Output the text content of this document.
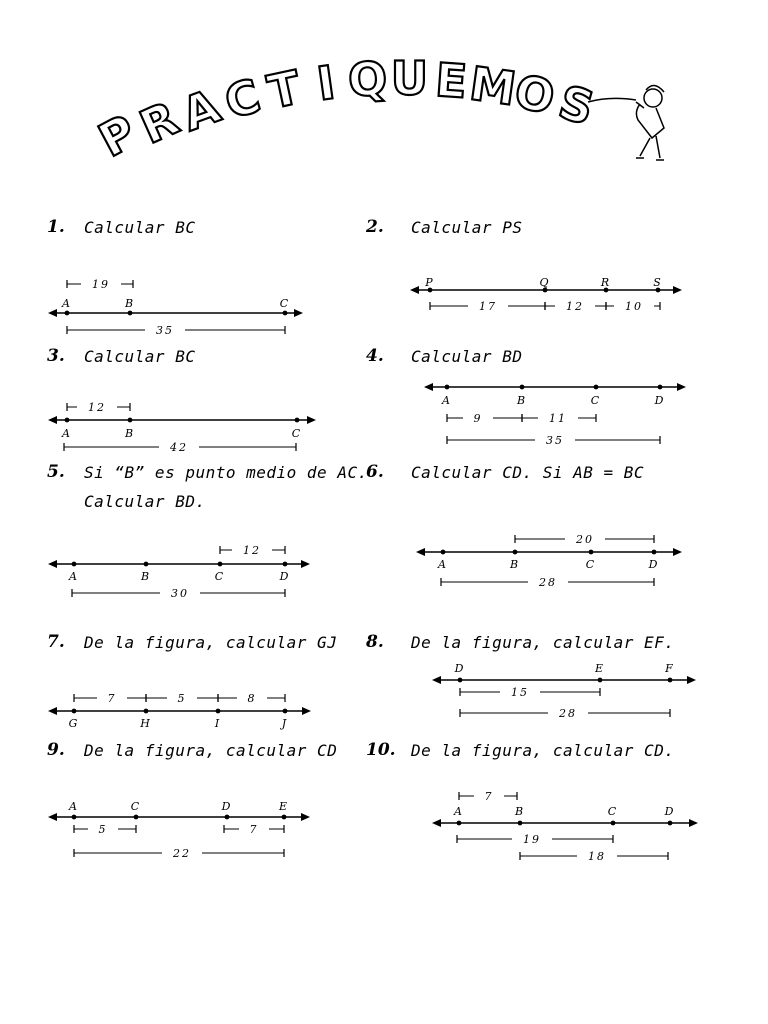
P
R
A
C
T I Q U E
M
O
S
1. Calcular BC	2. Calcular PS
3. Calcular BC	4. Calcular BD
5. Si “B” es punto medio de AC.
Calcular BD.
6. Calcular CD. Si AB = BC
7. De la figura, calcular GJ 8. De la figura, calcular EF.
9. De la figura, calcular CD 10. De la figura, calcular CD.
A	B	C
19
35
P	Q	R	S
17	12	10
A	B	C
12
42
A	B	C	D
9	11
35
A	B	C	D
12
30
A	B	C	D
20
28
G	H	I	J
7	5	8
D	E	F
15
28
A	C	D	E
5	7
22
A	B	C	D
7
19
18
